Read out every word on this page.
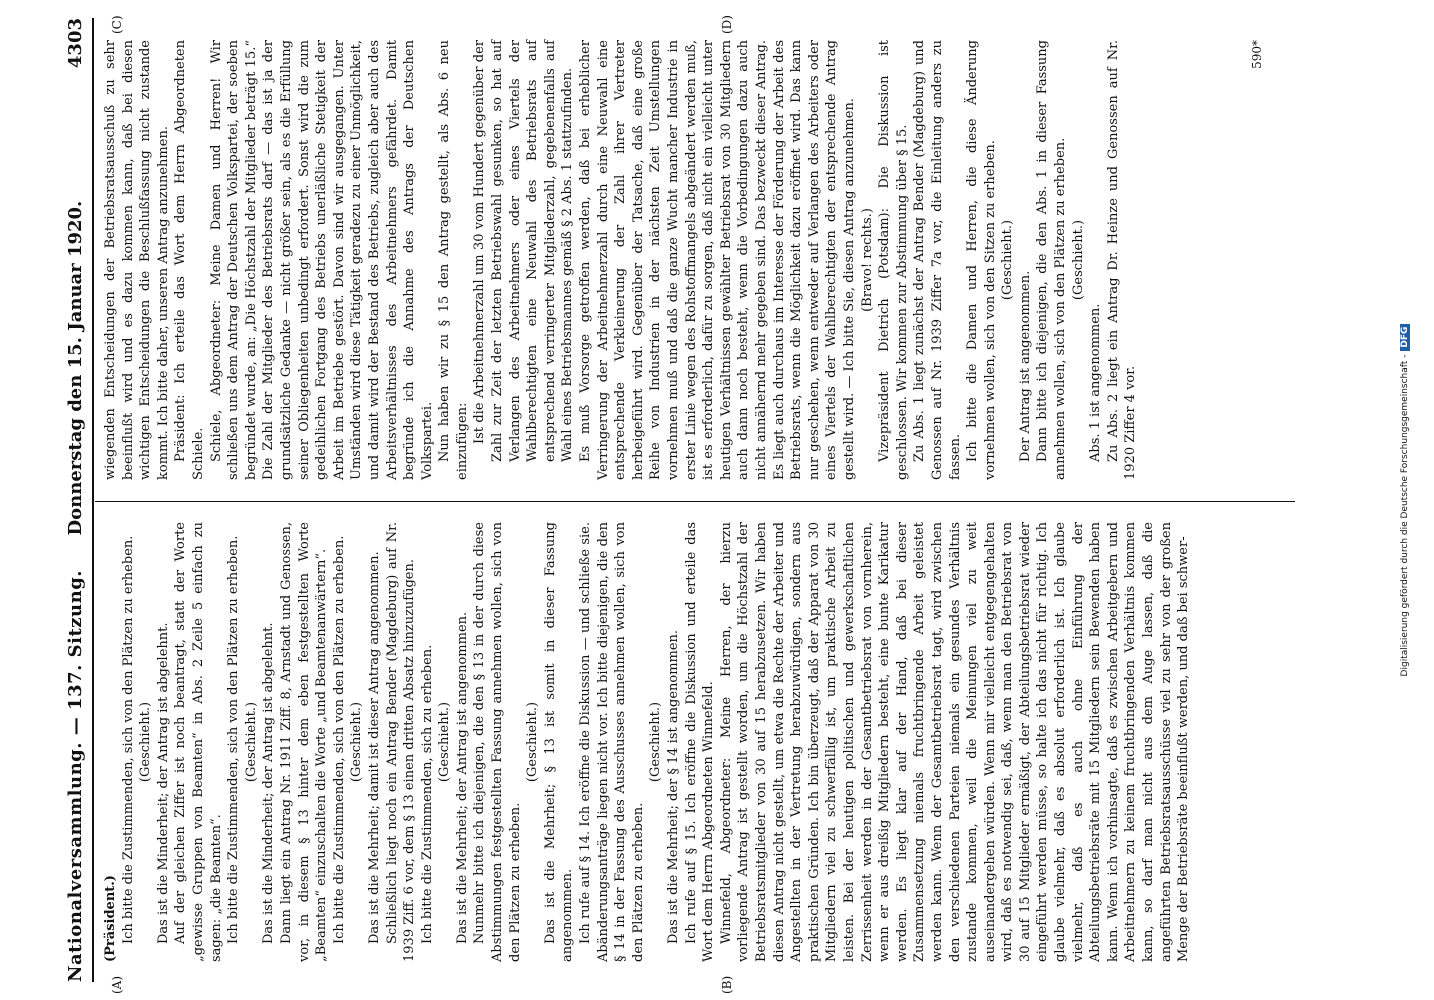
Nationalversammlung. — 137. Sitzung.
Donnerstag den 15. Januar 1920.  4303
(A)	(B)
(C)	(D)

(Präsident.) Ich bitte die Zustimmenden, sich von den Plätzen zu erheben. (Geschieht.) Das ist die Minderheit; der Antrag ist abgelehnt. Auf der gleichen Ziffer ist noch beantragt, statt der Worte „gewisse Gruppen von Beamten“ in Abs. 2 Zeile 5 einfach zu sagen: „die Beamten“. Ich bitte die Zustimmenden, sich von den Plätzen zu erheben. (Geschieht.) Das ist die Minderheit; der Antrag ist abgelehnt. Dann liegt ein Antrag Nr. 1911 Ziff. 8, Arnstadt und Genossen, vor, in diesem § 13 hinter dem eben festgestellten Worte „Beamten“ einzuschalten die Worte „und Beamtenanwärtern“. Ich bitte die Zustimmenden, sich von den Plätzen zu erheben. (Geschieht.) Das ist die Mehrheit; damit ist dieser Antrag angenommen. Schließlich liegt noch ein Antrag Bender (Magdeburg) auf Nr. 1939 Ziff. 6 vor, dem § 13 einen dritten Absatz hinzuzufügen. Ich bitte die Zustimmenden, sich zu erheben. (Geschieht.) Das ist die Mehrheit; der Antrag ist angenommen. Nunmehr bitte ich diejenigen, die den § 13 in der durch diese Abstimmungen festgestellten Fassung annehmen wollen, sich von den Plätzen zu erheben.

(Geschieht.) Das ist die Mehrheit; § 13 ist somit in dieser Fassung angenommen. Ich rufe auf § 14. Ich eröffne die Diskussion — und schließe sie. Abänderungsanträge liegen nicht vor. Ich bitte diejenigen, die den § 14 in der Fassung des Ausschusses annehmen wollen, sich von den Plätzen zu erheben.

(Geschieht.) Das ist die Mehrheit; der § 14 ist angenommen. Ich rufe auf § 15. Ich eröffne die Diskussion und erteile das Wort dem Herrn Abgeordneten Winnefeld. Winnefeld, Abgeordneter: Meine Herren, der hierzu vorliegende Antrag ist gestellt worden, um die Höchstzahl der Betriebsratsmitglieder von 30 auf 15 herabzusetzen. Wir haben diesen Antrag nicht gestellt, um etwa die Rechte der Arbeiter und Angestellten in der Vertretung herabzuwürdigen, sondern aus praktischen Gründen. Ich bin überzeugt, daß der Apparat von 30 Mitgliedern viel zu schwerfällig ist, um praktische Arbeit zu leisten. Bei der heutigen politischen und gewerkschaftlichen Zerrissenheit werden in der Gesamtbetriebsrat von vornherein, wenn er aus dreißig Mitgliedern besteht, eine bunte Karikatur werden. Es liegt klar auf der Hand, daß bei dieser Zusammensetzung niemals fruchtbringende Arbeit geleistet werden kann. Wenn der Gesamtbetriebsrat tagt, wird zwischen den verschiedenen Parteien niemals ein gesundes Verhältnis zustande kommen, weil die Meinungen viel zu weit auseinandergehen würden. Wenn mir vielleicht entgegengehalten wird, daß es notwendig sei, daß, wenn man den Betriebsrat von 30 auf 15 Mitglieder ermäßigt, der Abteilungsbetriebsrat wieder eingeführt werden müsse, so halte ich das nicht für richtig. Ich glaube vielmehr, daß es absolut erforderlich ist. Ich glaube vielmehr, daß es auch ohne Einführung der Abteilungsbetriebsräte mit 15 Mitgliedern sein Bewenden haben kann. Wenn ich vorhinsagte, daß es zwischen Arbeitgebern und Arbeitnehmern zu keinem fruchtbringenden Verhältnis kommen kann, so darf man nicht aus dem Auge lassen, daß die angeführten Betriebsratsausschüsse viel zu sehr von der großen Menge der Betriebsräte beeinflußt werden, und daß bei schwer-

wiegenden Entscheidungen der Betriebsratsausschuß zu sehr beeinflußt wird und es dazu kommen kann, daß bei diesen wichtigen Entscheidungen die Beschlußfassung nicht zustande kommt. Ich bitte daher, unseren Antrag anzunehmen. Präsident: Ich erteile das Wort dem Herrn Abgeordneten Schiele. Schiele, Abgeordneter: Meine Damen und Herren! Wir schließen uns dem Antrag der Deutschen Volkspartei, der soeben begründet wurde, an: „Die Höchstzahl der Mitglieder beträgt 15.“ Die Zahl der Mitglieder des Betriebsrats darf — das ist ja der grundsätzliche Gedanke — nicht größer sein, als es die Erfüllung seiner Obliegenheiten unbedingt erfordert. Sonst wird die zum gedeihlichen Fortgang des Betriebs unerläßliche Stetigkeit der Arbeit im Betriebe gestört. Davon sind wir ausgegangen. Unter Umständen wird diese Tätigkeit geradezu zu einer Unmöglichkeit, und damit wird der Bestand des Betriebs, zugleich aber auch des Arbeitsverhältnisses des Arbeitnehmers gefährdet. Damit begründe ich die Annahme des Antrags der Deutschen Volkspartei. Nun haben wir zu § 15 den Antrag gestellt, als Abs. 6 neu einzufügen: Ist die Arbeitnehmerzahl um 30 vom Hundert gegenüber der Zahl zur Zeit der letzten Betriebswahl gesunken, so hat auf Verlangen des Arbeitnehmers oder eines Viertels der Wahlberechtigten eine Neuwahl des Betriebsrats auf entsprechend verringerter Mitgliederzahl, gegebenenfalls auf Wahl eines Betriebsmannes gemäß § 2 Abs. 1 stattzufinden. Es muß Vorsorge getroffen werden, daß bei erheblicher Verringerung der Arbeitnehmerzahl durch eine Neuwahl eine entsprechende Verkleinerung der Zahl ihrer Vertreter herbeigeführt wird. Gegenüber der Tatsache, daß eine große Reihe von Industrien in der nächsten Zeit Umstellungen vornehmen muß und daß die ganze Wucht mancher Industrie in erster Linie wegen des Rohstoffmangels abgeändert werden muß, ist es erforderlich, dafür zu sorgen, daß nicht ein vielleicht unter heutigen Verhältnissen gewählter Betriebsrat von 30 Mitgliedern auch dann noch besteht, wenn die Vorbedingungen dazu auch nicht annähernd mehr gegeben sind. Das bezweckt dieser Antrag. Es liegt auch durchaus im Interesse der Förderung der Arbeit des Betriebsrats, wenn die Möglichkeit dazu eröffnet wird. Das kann nur geschehen, wenn entweder auf Verlangen des Arbeiters oder eines Viertels der Wahlberechtigten der entsprechende Antrag gestellt wird. — Ich bitte Sie, diesen Antrag anzunehmen. (Bravo! rechts.) Vizepräsident Dietrich (Potsdam): Die Diskussion ist geschlossen. Wir kommen zur Abstimmung über § 15. Zu Abs. 1 liegt zunächst der Antrag Bender (Magdeburg) und Genossen auf Nr. 1939 Ziffer 7a vor, die Einleitung anders zu fassen. Ich bitte die Damen und Herren, die diese Änderung vornehmen wollen, sich von den Sitzen zu erheben. (Geschieht.)

Der Antrag ist angenommen. Dann bitte ich diejenigen, die den Abs. 1 in dieser Fassung annehmen wollen, sich von den Plätzen zu erheben. (Geschieht.)

Abs. 1 ist angenommen. Zu Abs. 2 liegt ein Antrag Dr. Heinze und Genossen auf Nr. 1920 Ziffer 4 vor.

590*
Digitalisierung gefördert durch die Deutsche Forschungsgemeinschaft -DFG
